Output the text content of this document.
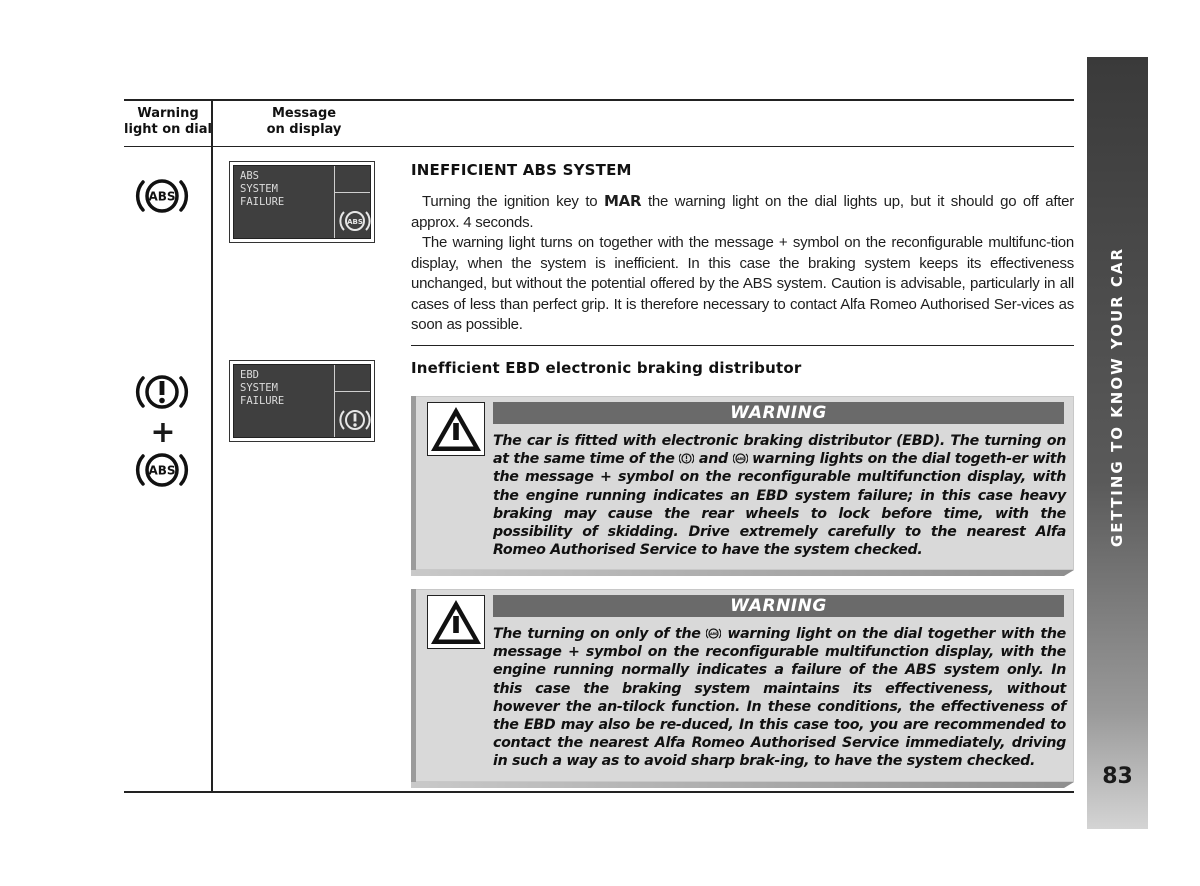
GETTING TO KNOW YOUR CAR
83
Warning
light on dial
Message
on display
ABS
ABS
SYSTEM
FAILURE
ABS
INEFFICIENT ABS SYSTEM

Turning the ignition key to MAR the warning light on the dial lights up, but it should go off after approx. 4 seconds.

The warning light turns on together with the message + symbol on the reconfigurable multifunc-tion display, when the system is inefficient. In this case the braking system keeps its effectiveness unchanged, but without the potential offered by the ABS system. Caution is advisable, particularly in all cases of less than perfect grip. It is therefore necessary to contact Alfa Romeo Authorised Ser-vices as soon as possible.

+
ABS
EBD
SYSTEM
FAILURE
Inefficient EBD electronic braking distributor
WARNING

The car is fitted with electronic braking distributor (EBD). The turning on at the same time of the and ABS warning lights on the dial togeth-er with the message + symbol on the reconfigurable multifunction display, with the engine running indicates an EBD system failure; in this case heavy braking may cause the rear wheels to lock before time, with the possibility of skidding. Drive extremely carefully to the nearest Alfa Romeo Authorised Service to have the system checked.

WARNING

The turning on only of the	ABS warning light on the dial together with the message + symbol on the reconfigurable multifunction display, with the engine running normally indicates a failure of the ABS system only. In this case the braking system maintains its effectiveness, without however the an-tilock function. In these conditions, the effectiveness of the EBD may also be re-duced, In this case too, you are recommended to contact the nearest Alfa Romeo Authorised Service immediately, driving in such a way as to avoid sharp brak-ing, to have the system checked.
